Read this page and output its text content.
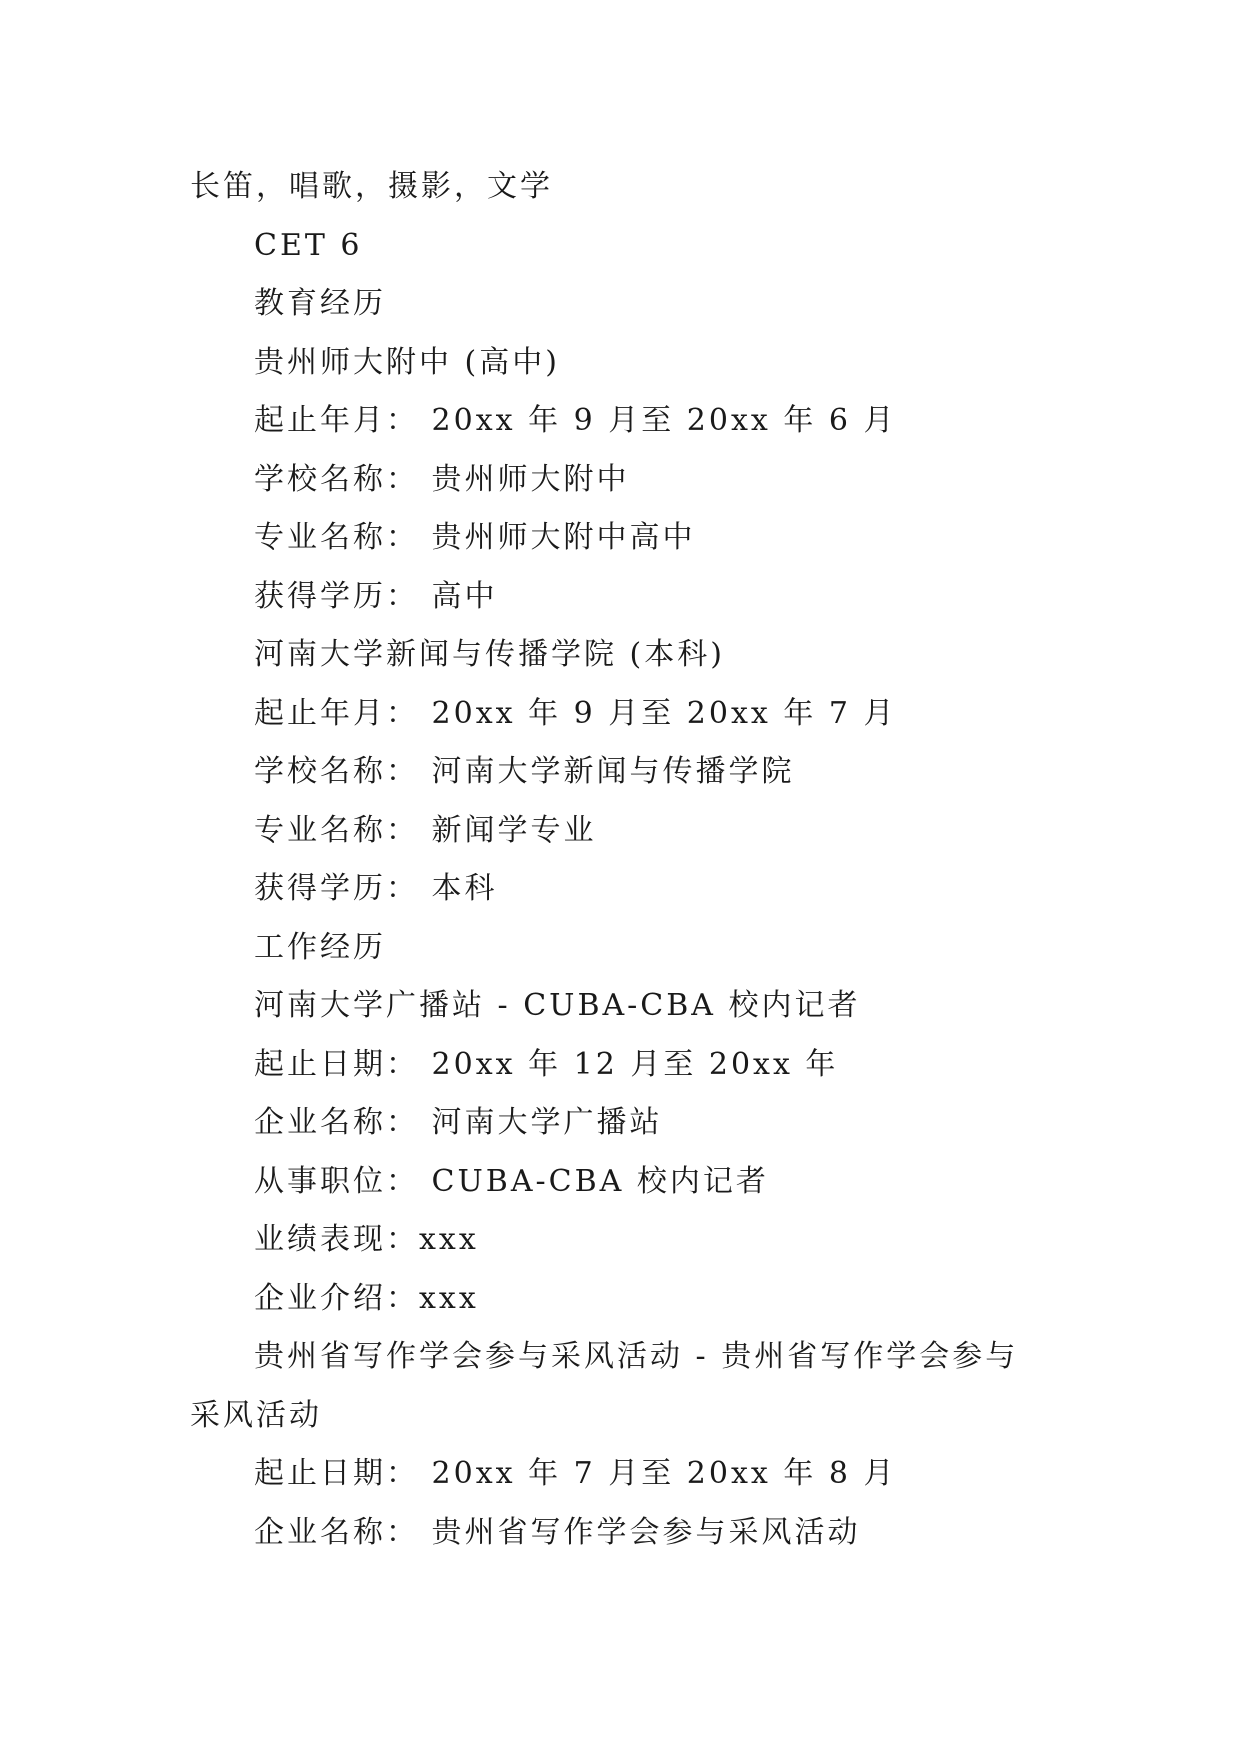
长笛，唱歌，摄影，文学
CET 6
教育经历
贵州师大附中 (高中)
起止年月： 20xx 年 9 月至 20xx 年 6 月
学校名称： 贵州师大附中
专业名称： 贵州师大附中高中
获得学历： 高中
河南大学新闻与传播学院 (本科)
起止年月： 20xx 年 9 月至 20xx 年 7 月
学校名称： 河南大学新闻与传播学院
专业名称： 新闻学专业
获得学历： 本科
工作经历
河南大学广播站 - CUBA-CBA 校内记者
起止日期： 20xx 年 12 月至 20xx 年
企业名称： 河南大学广播站
从事职位： CUBA-CBA 校内记者
业绩表现：xxx
企业介绍：xxx
贵州省写作学会参与采风活动 - 贵州省写作学会参与
采风活动
起止日期： 20xx 年 7 月至 20xx 年 8 月
企业名称： 贵州省写作学会参与采风活动
